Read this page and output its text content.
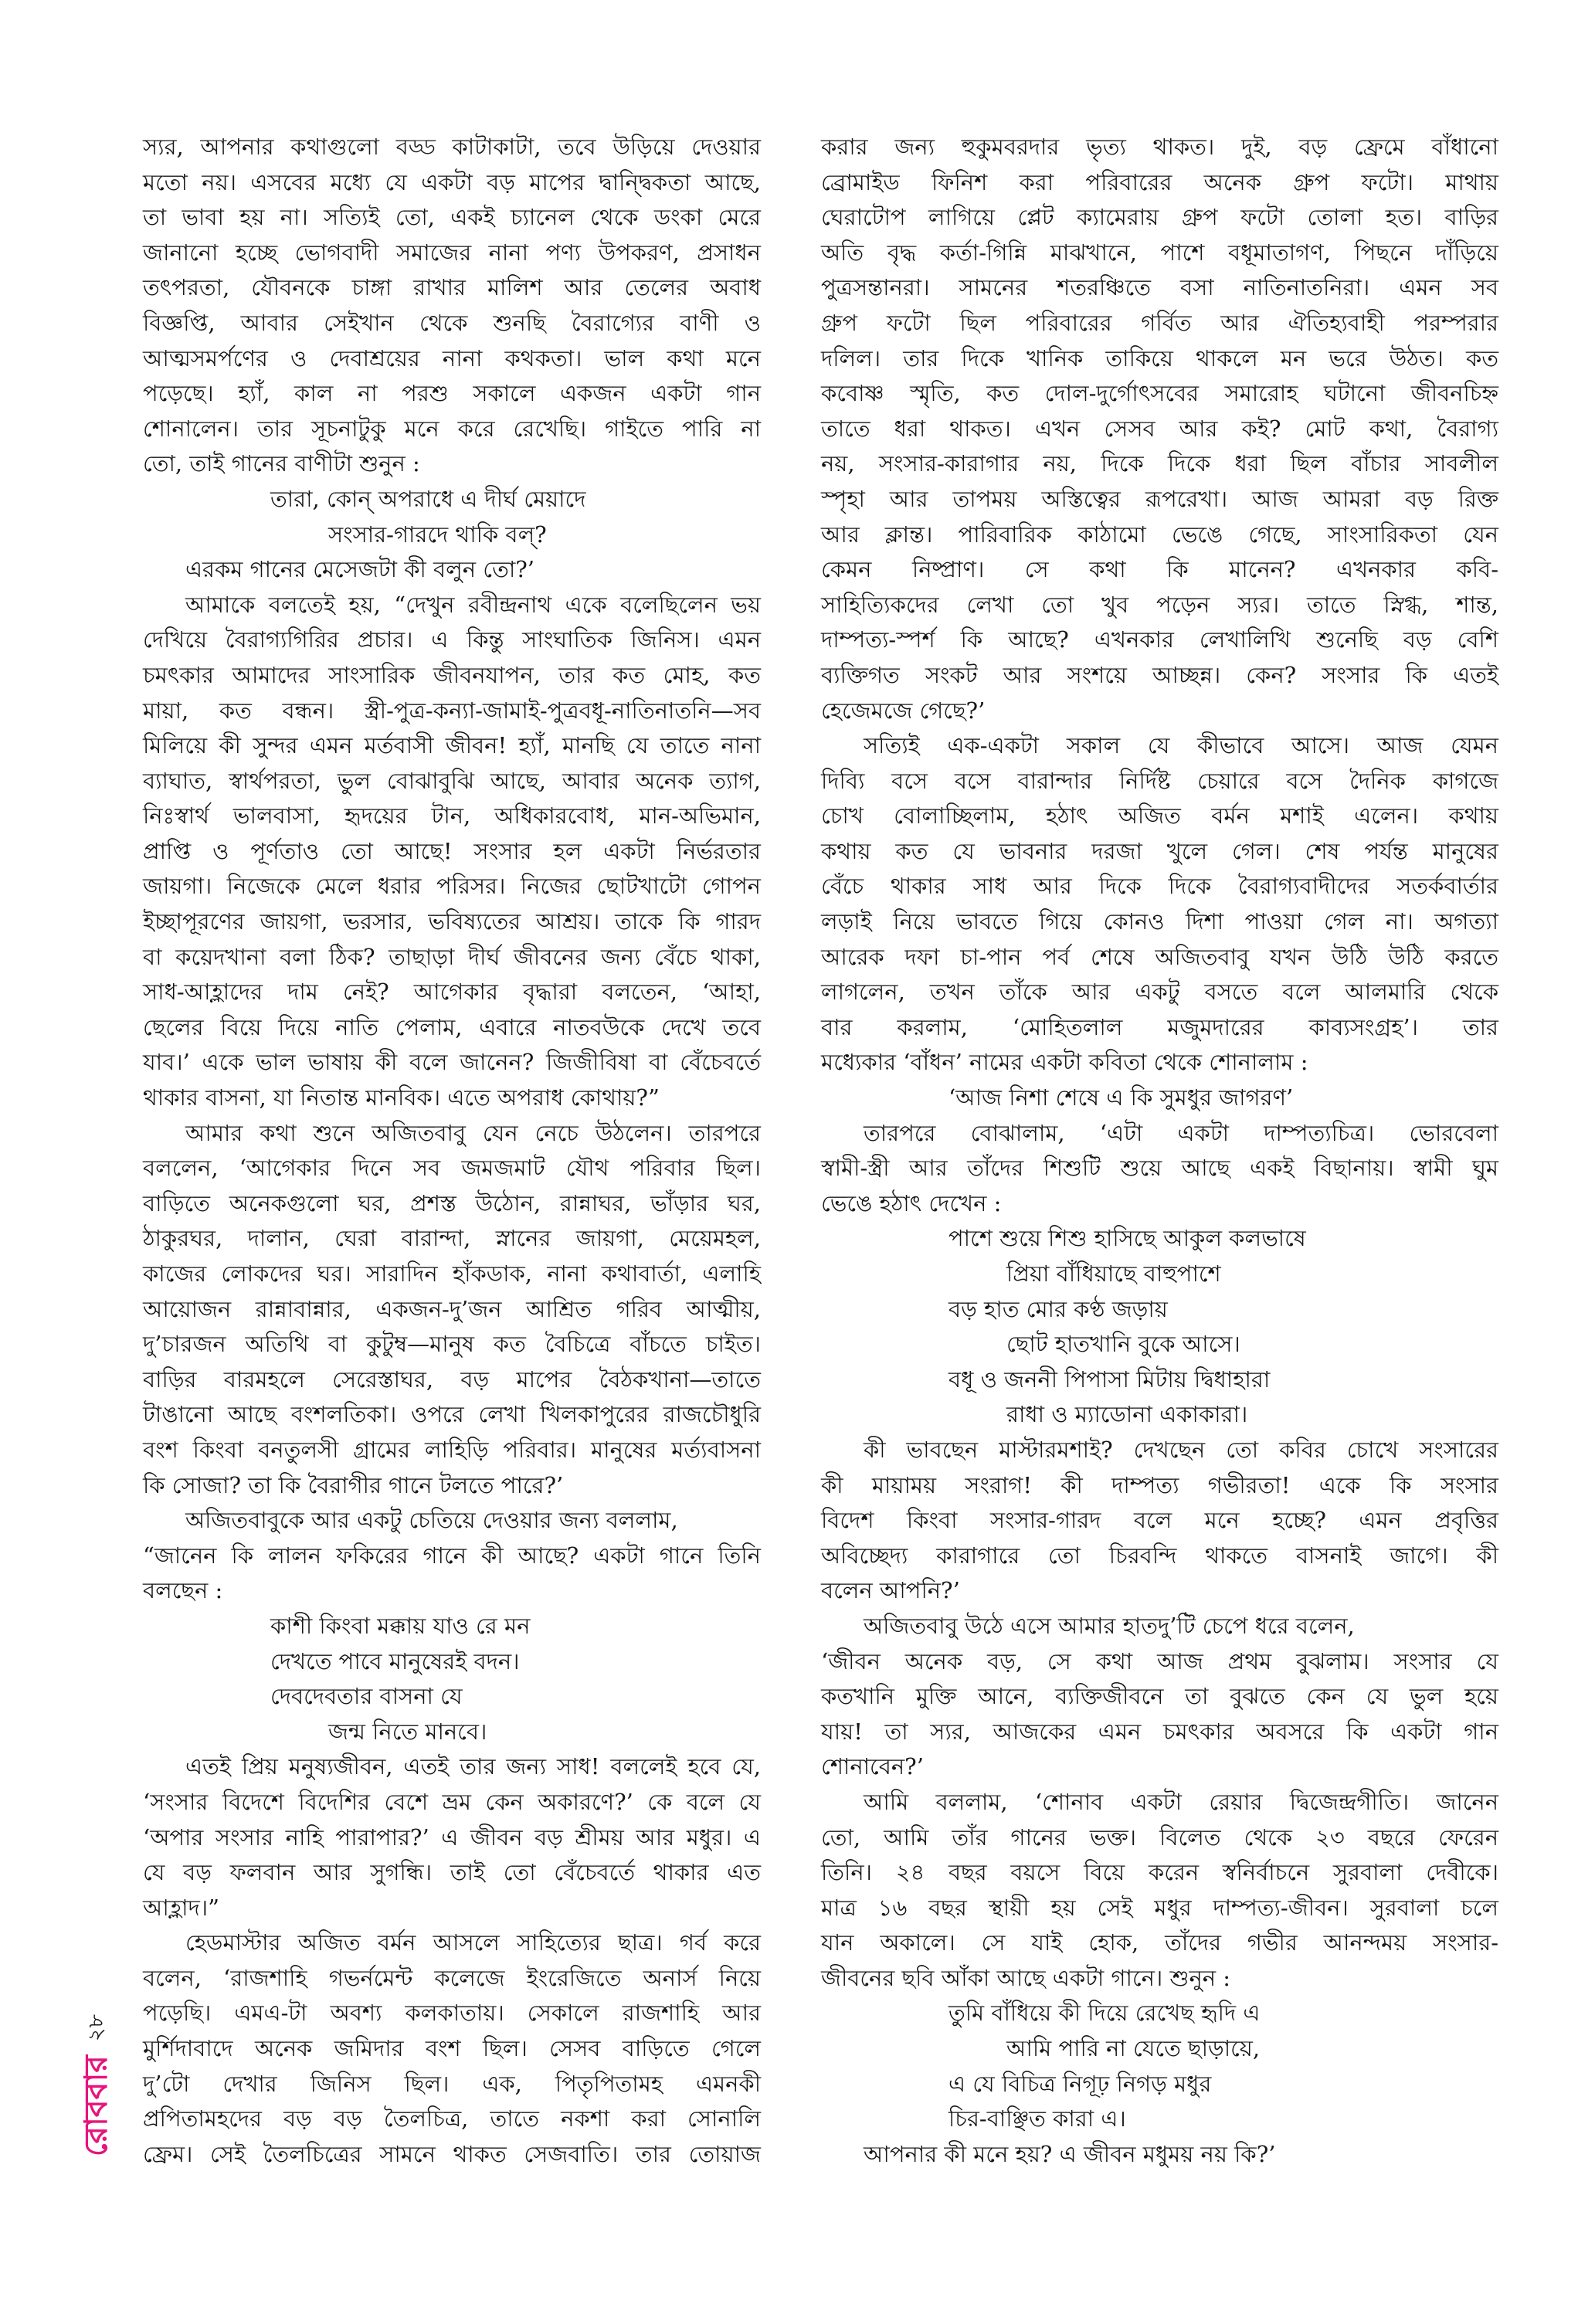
২৮
রোববার
স্যর, আপনার কথাগুলো বড্ড কাটাকাটা, তবে উড়িয়ে দেওয়ার
মতো নয়। এসবের মধ্যে যে একটা বড় মাপের দ্বান্দ্বিকতা আছে,
তা ভাবা হয় না। সত্যিই তো, একই চ্যানেল থেকে ডংকা মেরে
জানানো হচ্ছে ভোগবাদী সমাজের নানা পণ্য উপকরণ, প্রসাধন
তৎপরতা, যৌবনকে চাঙ্গা রাখার মালিশ আর তেলের অবাধ
বিজ্ঞপ্তি, আবার সেইখান থেকে শুনছি বৈরাগ্যের বাণী ও
আত্মসমর্পণের ও দেবাশ্রয়ের নানা কথকতা। ভাল কথা মনে
পড়েছে। হ্যাঁ, কাল না পরশু সকালে একজন একটা গান
শোনালেন। তার সূচনাটুকু মনে করে রেখেছি। গাইতে পারি না
তো, তাই গানের বাণীটা শুনুন :
তারা, কোন্‌ অপরাধে এ দীর্ঘ মেয়াদে
সংসার-গারদে থাকি বল্‌?
এরকম গানের মেসেজটা কী বলুন তো?’
আমাকে বলতেই হয়, “দেখুন রবীন্দ্রনাথ একে বলেছিলেন ভয়
দেখিয়ে বৈরাগ্যগিরির প্রচার। এ কিন্তু সাংঘাতিক জিনিস। এমন
চমৎকার আমাদের সাংসারিক জীবনযাপন, তার কত মোহ, কত
মায়া, কত বন্ধন। স্ত্রী-পুত্র-কন্যা-জামাই-পুত্রবধূ-নাতিনাতনি—সব
মিলিয়ে কী সুন্দর এমন মর্তবাসী জীবন! হ্যাঁ, মানছি যে তাতে নানা
ব্যাঘাত, স্বার্থপরতা, ভুল বোঝাবুঝি আছে, আবার অনেক ত্যাগ,
নিঃস্বার্থ ভালবাসা, হৃদয়ের টান, অধিকারবোধ, মান-অভিমান,
প্রাপ্তি ও পূর্ণতাও তো আছে! সংসার হল একটা নির্ভরতার
জায়গা। নিজেকে মেলে ধরার পরিসর। নিজের ছোটখাটো গোপন
ইচ্ছাপূরণের জায়গা, ভরসার, ভবিষ্যতের আশ্রয়। তাকে কি গারদ
বা কয়েদখানা বলা ঠিক? তাছাড়া দীর্ঘ জীবনের জন্য বেঁচে থাকা,
সাধ-আহ্লাদের দাম নেই? আগেকার বৃদ্ধারা বলতেন, ‘আহা,
ছেলের বিয়ে দিয়ে নাতি পেলাম, এবারে নাতবউকে দেখে তবে
যাব।’ একে ভাল ভাষায় কী বলে জানেন? জিজীবিষা বা বেঁচেবর্তে
থাকার বাসনা, যা নিতান্ত মানবিক। এতে অপরাধ কোথায়?”
আমার কথা শুনে অজিতবাবু যেন নেচে উঠলেন। তারপরে
বললেন, ‘আগেকার দিনে সব জমজমাট যৌথ পরিবার ছিল।
বাড়িতে অনেকগুলো ঘর, প্রশস্ত উঠোন, রান্নাঘর, ভাঁড়ার ঘর,
ঠাকুরঘর, দালান, ঘেরা বারান্দা, স্নানের জায়গা, মেয়েমহল,
কাজের লোকদের ঘর। সারাদিন হাঁকডাক, নানা কথাবার্তা, এলাহি
আয়োজন রান্নাবান্নার, একজন-দু’জন আশ্রিত গরিব আত্মীয়,
দু’চারজন অতিথি বা কুটুম্ব—মানুষ কত বৈচিত্রে বাঁচতে চাইত।
বাড়ির বারমহলে সেরেস্তাঘর, বড় মাপের বৈঠকখানা—তাতে
টাঙানো আছে বংশলতিকা। ওপরে লেখা খিলকাপুরের রাজচৌধুরি
বংশ কিংবা বনতুলসী গ্রামের লাহিড়ি পরিবার। মানুষের মর্ত্যবাসনা
কি সোজা? তা কি বৈরাগীর গানে টলতে পারে?’
অজিতবাবুকে আর একটু চেতিয়ে দেওয়ার জন্য বললাম,
“জানেন কি লালন ফকিরের গানে কী আছে? একটা গানে তিনি
বলছেন :
কাশী কিংবা মক্কায় যাও রে মন
দেখতে পাবে মানুষেরই বদন।
দেবদেবতার বাসনা যে
জন্ম নিতে মানবে।
এতই প্রিয় মনুষ্যজীবন, এতই তার জন্য সাধ! বললেই হবে যে,
‘সংসার বিদেশে বিদেশির বেশে ভ্রম কেন অকারণে?’ কে বলে যে
‘অপার সংসার নাহি পারাপার?’ এ জীবন বড় শ্রীময় আর মধুর। এ
যে বড় ফলবান আর সুগন্ধি। তাই তো বেঁচেবর্তে থাকার এত
আহ্লাদ।”
হেডমাস্টার অজিত বর্মন আসলে সাহিত্যের ছাত্র। গর্ব করে
বলেন, ‘রাজশাহি গভর্নমেন্ট কলেজে ইংরেজিতে অনার্স নিয়ে
পড়েছি। এমএ-টা অবশ্য কলকাতায়। সেকালে রাজশাহি আর
মুর্শিদাবাদে অনেক জমিদার বংশ ছিল। সেসব বাড়িতে গেলে
দু’টো দেখার জিনিস ছিল। এক, পিতৃপিতামহ এমনকী
প্রপিতামহদের বড় বড় তৈলচিত্র, তাতে নকশা করা সোনালি
ফ্রেম। সেই তৈলচিত্রের সামনে থাকত সেজবাতি। তার তোয়াজ
করার জন্য হুকুমবরদার ভৃত্য থাকত। দুই, বড় ফ্রেমে বাঁধানো
ব্রোমাইড ফিনিশ করা পরিবারের অনেক গ্রুপ ফটো। মাথায়
ঘেরাটোপ লাগিয়ে প্লেট ক্যামেরায় গ্রুপ ফটো তোলা হত। বাড়ির
অতি বৃদ্ধ কর্তা-গিন্নি মাঝখানে, পাশে বধূমাতাগণ, পিছনে দাঁড়িয়ে
পুত্রসন্তানরা। সামনের শতরঞ্চিতে বসা নাতিনাতনিরা। এমন সব
গ্রুপ ফটো ছিল পরিবারের গর্বিত আর ঐতিহ্যবাহী পরম্পরার
দলিল। তার দিকে খানিক তাকিয়ে থাকলে মন ভরে উঠত। কত
কবোষ্ণ স্মৃতি, কত দোল-দুর্গোৎসবের সমারোহ ঘটানো জীবনচিহ্ন
তাতে ধরা থাকত। এখন সেসব আর কই? মোট কথা, বৈরাগ্য
নয়, সংসার-কারাগার নয়, দিকে দিকে ধরা ছিল বাঁচার সাবলীল
স্পৃহা আর তাপময় অস্তিত্বের রূপরেখা। আজ আমরা বড় রিক্ত
আর ক্লান্ত। পারিবারিক কাঠামো ভেঙে গেছে, সাংসারিকতা যেন
কেমন নিষ্প্রাণ। সে কথা কি মানেন? এখনকার কবি-
সাহিত্যিকদের লেখা তো খুব পড়েন স্যর। তাতে স্নিগ্ধ, শান্ত,
দাম্পত্য-স্পর্শ কি আছে? এখনকার লেখালিখি শুনেছি বড় বেশি
ব্যক্তিগত সংকট আর সংশয়ে আচ্ছন্ন। কেন? সংসার কি এতই
হেজেমজে গেছে?’
সত্যিই এক-একটা সকাল যে কীভাবে আসে। আজ যেমন
দিব্যি বসে বসে বারান্দার নির্দিষ্ট চেয়ারে বসে দৈনিক কাগজে
চোখ বোলাচ্ছিলাম, হঠাৎ অজিত বর্মন মশাই এলেন। কথায়
কথায় কত যে ভাবনার দরজা খুলে গেল। শেষ পর্যন্ত মানুষের
বেঁচে থাকার সাধ আর দিকে দিকে বৈরাগ্যবাদীদের সতর্কবার্তার
লড়াই নিয়ে ভাবতে গিয়ে কোনও দিশা পাওয়া গেল না। অগত্যা
আরেক দফা চা-পান পর্ব শেষে অজিতবাবু যখন উঠি উঠি করতে
লাগলেন, তখন তাঁকে আর একটু বসতে বলে আলমারি থেকে
বার করলাম, ‘মোহিতলাল মজুমদারের কাব্যসংগ্রহ’। তার
মধ্যেকার ‘বাঁধন’ নামের একটা কবিতা থেকে শোনালাম :
‘আজ নিশা শেষে এ কি সুমধুর জাগরণ’
তারপরে বোঝালাম, ‘এটা একটা দাম্পত্যচিত্র। ভোরবেলা
স্বামী-স্ত্রী আর তাঁদের শিশুটি শুয়ে আছে একই বিছানায়। স্বামী ঘুম
ভেঙে হঠাৎ দেখেন :
পাশে শুয়ে শিশু হাসিছে আকুল কলভাষে
প্রিয়া বাঁধিয়াছে বাহুপাশে
বড় হাত মোর কণ্ঠ জড়ায়
ছোট হাতখানি বুকে আসে।
বধূ ও জননী পিপাসা মিটায় দ্বিধাহারা
রাধা ও ম্যাডোনা একাকারা।
কী ভাবছেন মাস্টারমশাই? দেখছেন তো কবির চোখে সংসারের
কী মায়াময় সংরাগ! কী দাম্পত্য গভীরতা! একে কি সংসার
বিদেশ কিংবা সংসার-গারদ বলে মনে হচ্ছে? এমন প্রবৃত্তির
অবিচ্ছেদ্য কারাগারে তো চিরবন্দি থাকতে বাসনাই জাগে। কী
বলেন আপনি?’
অজিতবাবু উঠে এসে আমার হাতদু’টি চেপে ধরে বলেন,
‘জীবন অনেক বড়, সে কথা আজ প্রথম বুঝলাম। সংসার যে
কতখানি মুক্তি আনে, ব্যক্তিজীবনে তা বুঝতে কেন যে ভুল হয়ে
যায়! তা স্যর, আজকের এমন চমৎকার অবসরে কি একটা গান
শোনাবেন?’
আমি বললাম, ‘শোনাব একটা রেয়ার দ্বিজেন্দ্রগীতি। জানেন
তো, আমি তাঁর গানের ভক্ত। বিলেত থেকে ২৩ বছরে ফেরেন
তিনি। ২৪ বছর বয়সে বিয়ে করেন স্বনির্বাচনে সুরবালা দেবীকে।
মাত্র ১৬ বছর স্থায়ী হয় সেই মধুর দাম্পত্য-জীবন। সুরবালা চলে
যান অকালে। সে যাই হোক, তাঁদের গভীর আনন্দময় সংসার-
জীবনের ছবি আঁকা আছে একটা গানে। শুনুন :
তুমি বাঁধিয়ে কী দিয়ে রেখেছ হৃদি এ
আমি পারি না যেতে ছাড়ায়ে,
এ যে বিচিত্র নিগূঢ় নিগড় মধুর
চির-বাঞ্ছিত কারা এ।
আপনার কী মনে হয়? এ জীবন মধুময় নয় কি?’
